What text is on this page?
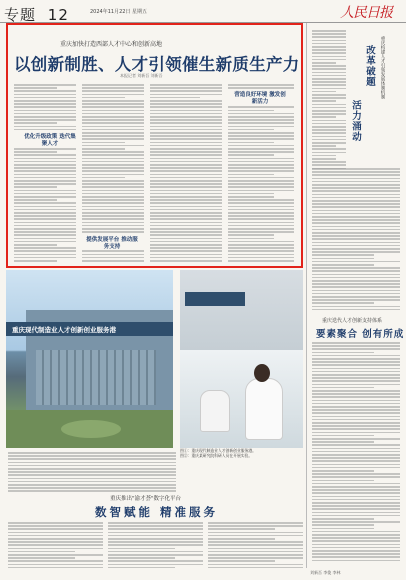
专题 12	2024年11月22日 星期五	人民日报
重庆加快打造西部人才中心和创新高地
以创新制胜、人才引领催生新质生产力
本报记者 刘新吾 刘新吾
优化升级政策 迭代集聚人才
提供发展平台 推动服务支持
营造良好环境 激发创新活力
重庆构建人才引领发展体制机制
改革破题
活力涌动
重庆迭代人才创新支持体系
要素聚合 创有所成
重庆现代制造业人才创新创业服务港
图①：重庆现代制造业人才创新创业服务港。
图②：重庆某研究院科研人员在开展实验。
重庆推出"渝才荟"数字化平台
数智赋能 精准服务
刘新吾 李俊 李林
